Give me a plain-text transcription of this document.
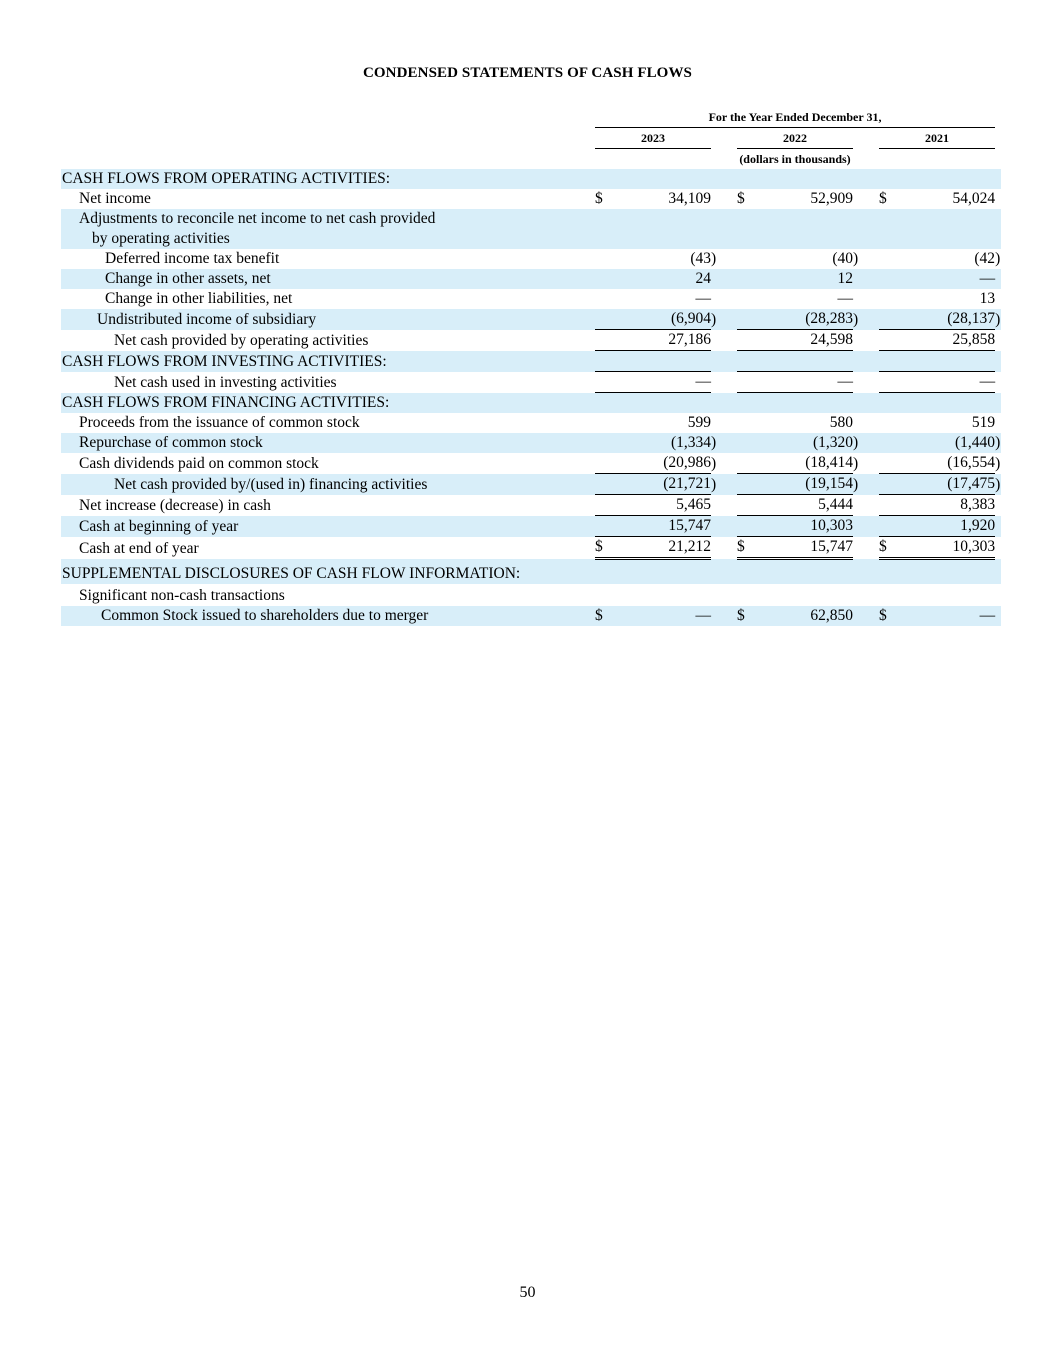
CONDENSED STATEMENTS OF CASH FLOWS
	For the Year Ended December 31,										
	2023				2022				2021		
					(dollars in thousands)						
CASH FLOWS FROM OPERATING ACTIVITIES:											
Net income	$	34,109			$	52,909			$	54,024	
Adjustments to reconcile net income to net cash provided											
by operating activities											
Deferred income tax benefit		(43	)			(40	)			(42	)
Change in other assets, net		24				12				—	
Change in other liabilities, net		—				—				13	
Undistributed income of subsidiary		(6,904	)			(28,283	)			(28,137	)
Net cash provided by operating activities		27,186				24,598				25,858	
CASH FLOWS FROM INVESTING ACTIVITIES:											
Net cash used in investing activities		—				—				—	
CASH FLOWS FROM FINANCING ACTIVITIES:											
Proceeds from the issuance of common stock		599				580				519	
Repurchase of common stock		(1,334	)			(1,320	)			(1,440	)
Cash dividends paid on common stock		(20,986	)			(18,414	)			(16,554	)
Net cash provided by/(used in) financing activities		(21,721	)			(19,154	)			(17,475	)
Net increase (decrease) in cash		5,465				5,444				8,383	
Cash at beginning of year		15,747				10,303				1,920	
Cash at end of year	$	21,212			$	15,747			$	10,303	
SUPPLEMENTAL DISCLOSURES OF CASH FLOW INFORMATION:											
Significant non-cash transactions											
Common Stock issued to shareholders due to merger	$	—			$	62,850			$	—	
50
